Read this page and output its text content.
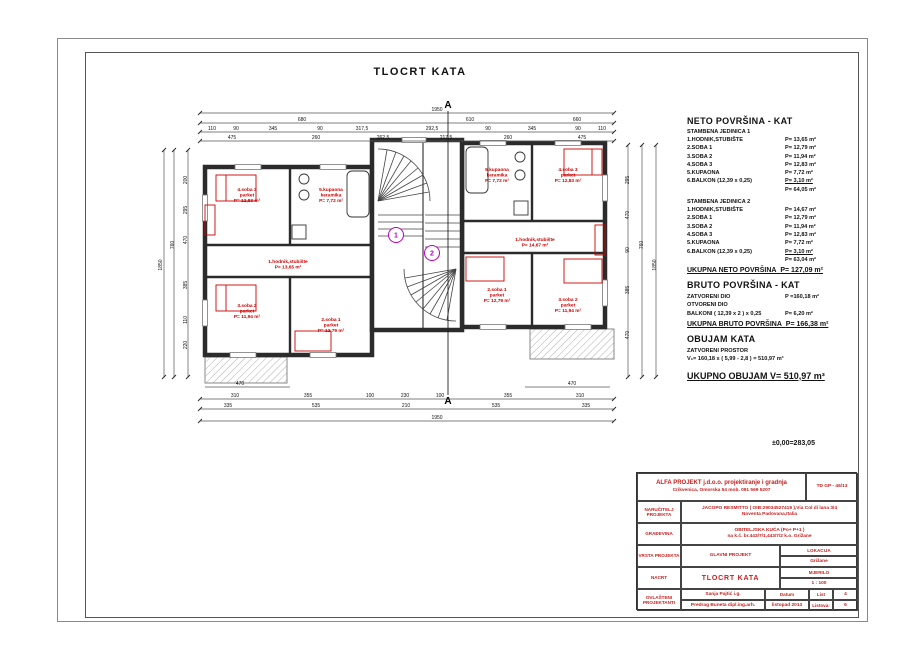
TLOCRT KATA
1950
680	610	660
110	90	345	90	317,5	292,5	90	345	90	110
475	260	262,5	217,5	260	475
470	470
310	355	100	230	100	355	310
335	535	210	535	335
1950
1850
760
200
295
470
385
110
220
1850
760
295
470
90
385
470
4.soba 3
parket
P= 12,83 m²
5.kupaona
keramika
P= 7,72 m²
1.hodnik,stubište
P= 13,65 m²
3.soba 2
parket
P= 11,94 m²
2.soba 1
parket
P= 12,79 m²
5.kupaona
keramika
P= 7,72 m²
4.soba 3
parket
P= 12,83 m²
1.hodnik,stubište
P= 14,67 m²
2.soba 1
parket
P= 12,79 m²	3.soba 2
parket
P= 11,94 m²
A
A
1
2
±0,00=283,05
NETO POVRŠINA - KAT
STAMBENA JEDINICA 1
1.HODNIK,STUBIŠTE	P= 13,65 m²
2.SOBA 1	P= 12,79 m²
3.SOBA 2	P= 11,94 m²
4.SOBA 3	P= 12,83 m²
5.KUPAONA	P= 7,72 m²
6.BALKON (12,39 x 0,25)	P= 3,10 m²
P= 64,05 m²
STAMBENA JEDINICA 2
1.HODNIK,STUBIŠTE	P= 14,67 m²
2.SOBA 1	P= 12,79 m²
3.SOBA 2	P= 11,94 m²
4.SOBA 3	P= 12,83 m²
5.KUPAONA	P= 7,72 m²
6.BALKON (12,39 x 0,25)	P= 3,10 m²
P= 63,04 m²
UKUPNA NETO POVRŠINA P= 127,09 m²
BRUTO POVRŠINA - KAT
ZATVORENI DIO	P =160,18 m²
OTVORENI DIO
BALKONI ( 12,39 x 2 ) x 0,25	P= 6,20 m²
UKUPNA BRUTO POVRŠINA P= 166,38 m²
OBUJAM KATA
ZATVORENI PROSTOR
V₁= 160,18 x ( 5,99 - 2,8 ) = 510,97 m³
UKUPNO OBUJAM V= 510,97 m³
ALFA PROJEKT j.d.o.o. projektiranje i gradnja
Crikvenica, Omorska 54 mob. 091 569 5207
TD GP - 46/13
NARUČITELJ PROJEKTA
JACOPO RESMITTO ( OIB:29034527419 ),Via Col di lana 3/4
Noventa Padovana,Italia
GRAĐEVINA
OBITELJSKA KUĆA (Po+ P+1 )
na k.č. br.443/7/1,443/7/2 k.o. Grižane
VRSTA PROJEKTA	GLAVNI PROJEKT
LOKACIJA
Grižane
NACRT	TLOCRT KATA
MJERILO
1 : 100
OVLAŠTENI PROJEKTANTI
Sanja Pajtić i.g.
Predrag Buneta dipl.ing.arh.
Datum
listopad 2013
List	4
Listova:	6
